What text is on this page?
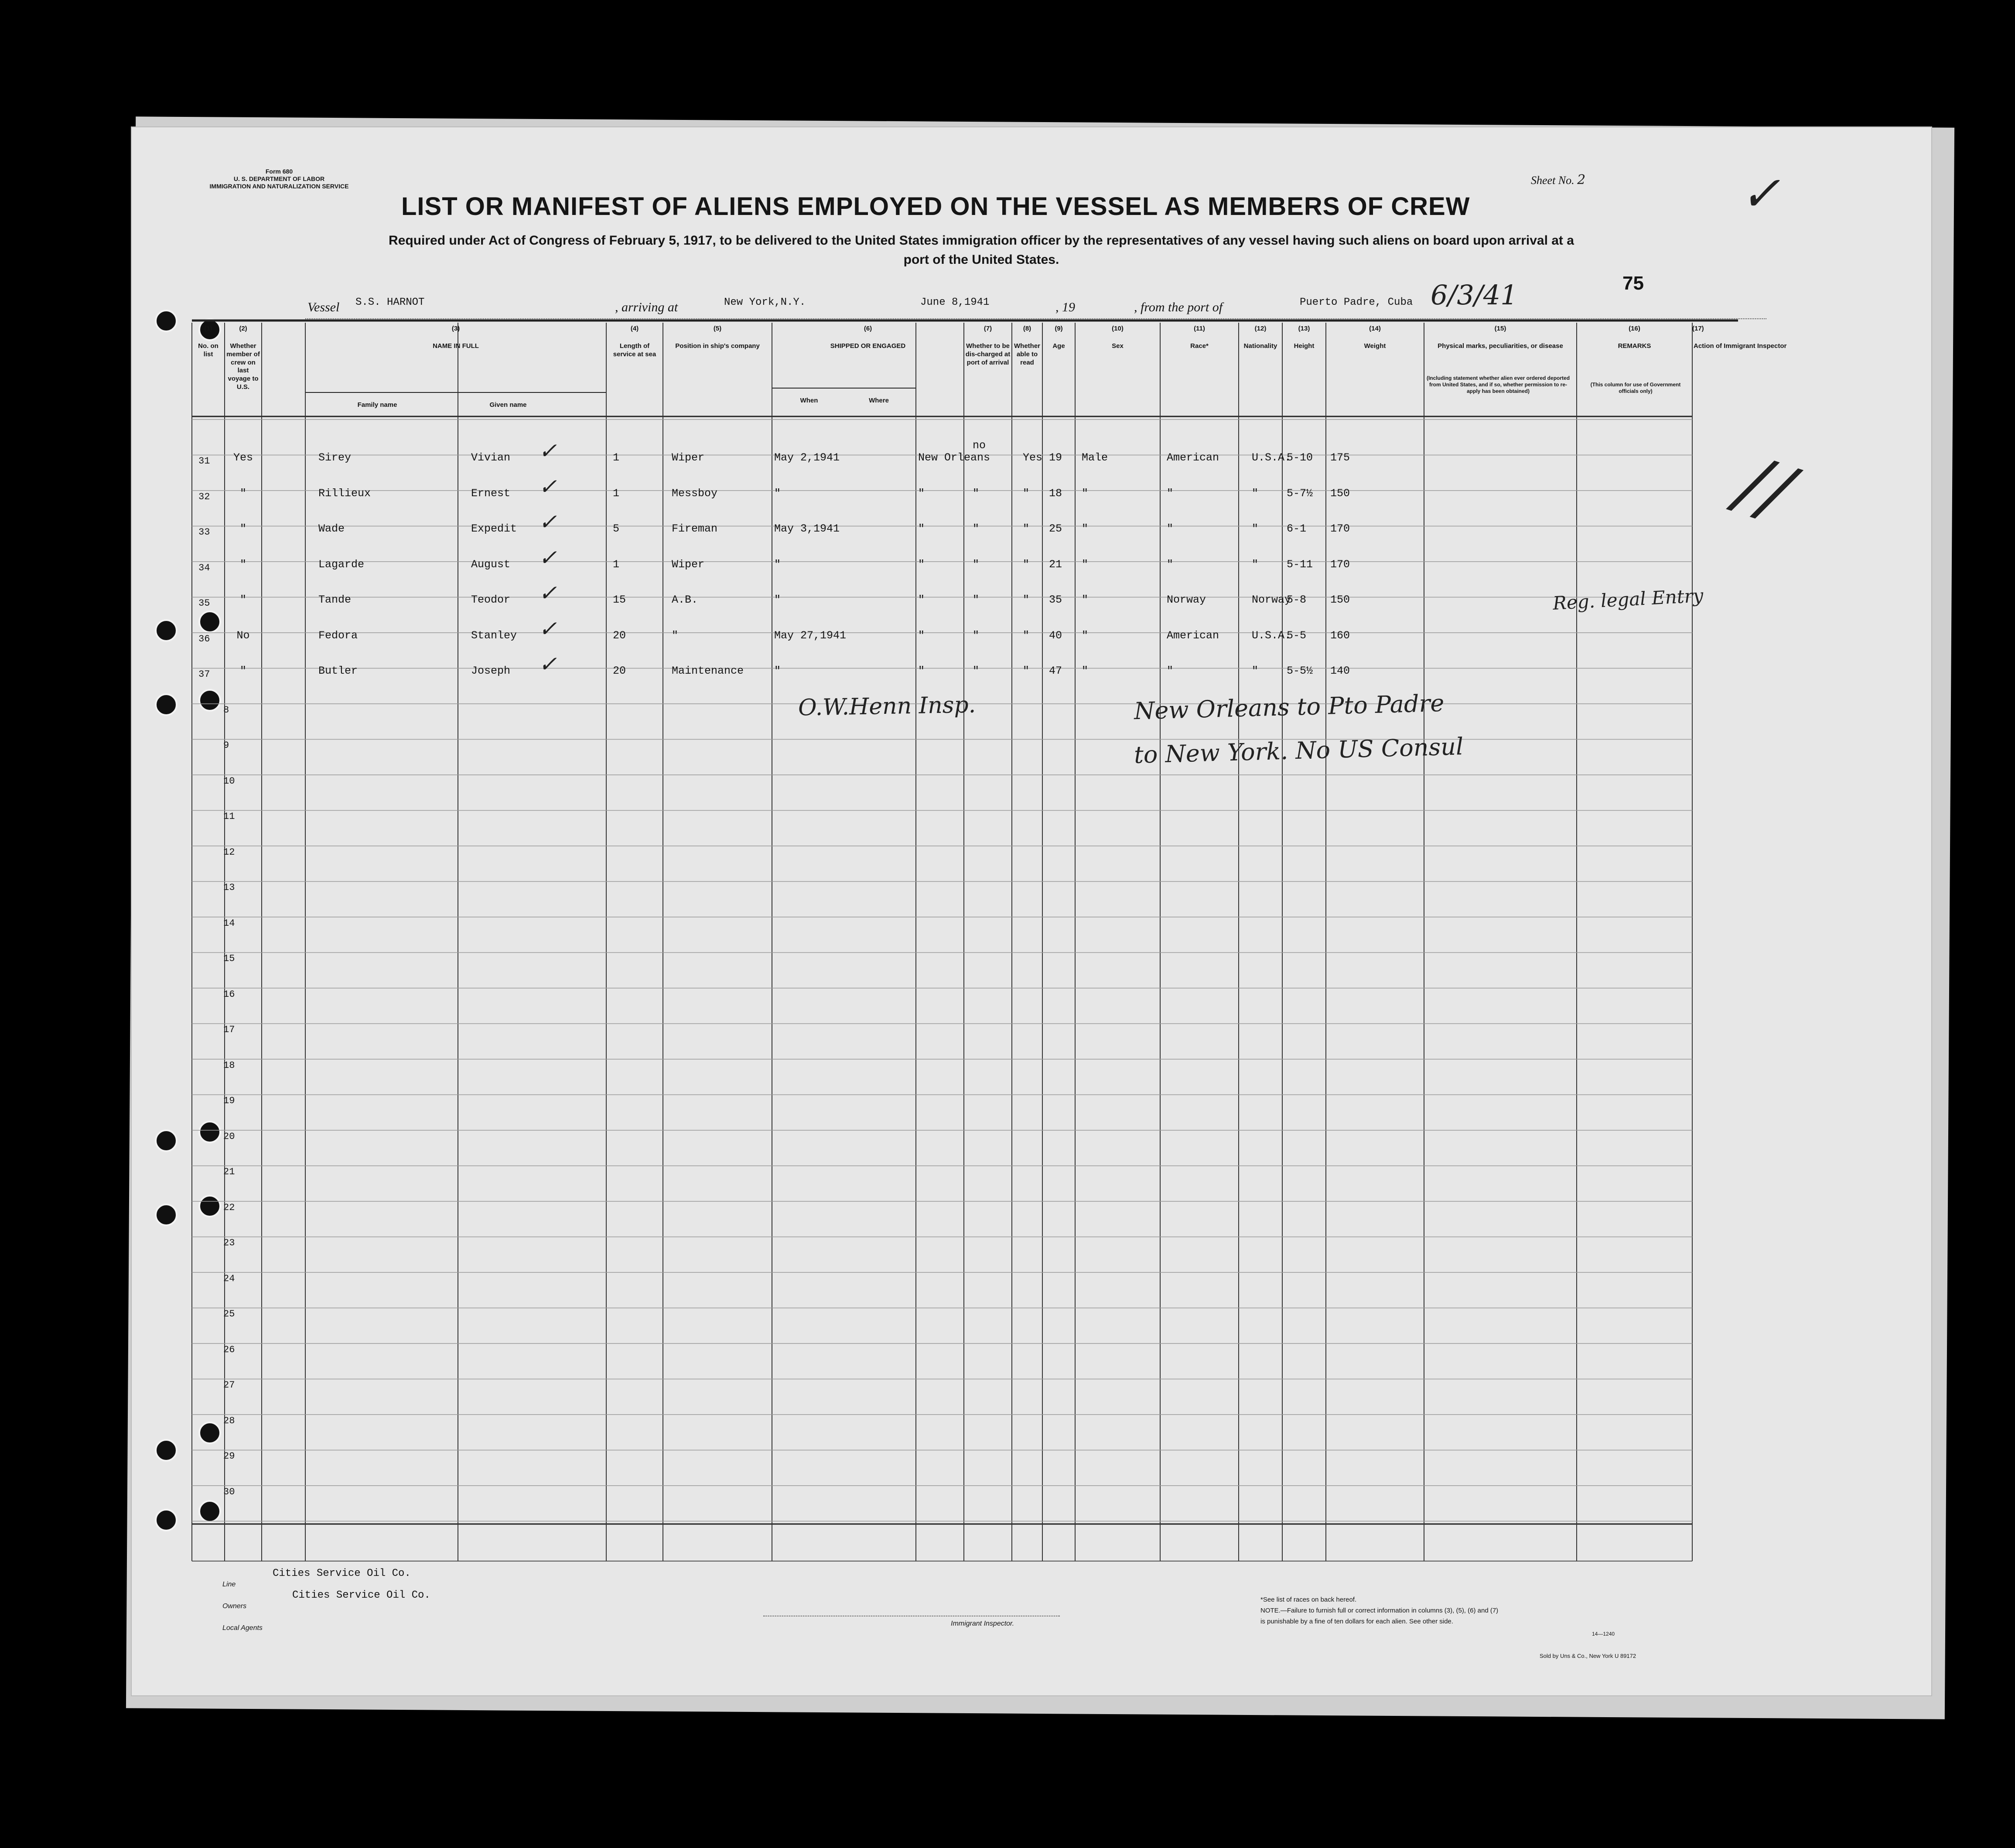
Form 680
U. S. DEPARTMENT OF LABOR
IMMIGRATION AND NATURALIZATION SERVICE	Sheet No. 2	✓
LIST OR MANIFEST OF ALIENS EMPLOYED ON THE VESSEL AS MEMBERS OF CREW
Required under Act of Congress of February 5, 1917, to be delivered to the United States immigration officer by the representatives of any vessel having such aliens on board upon arrival at a
port of the United States.
Vessel S.S. HARNOT	, arriving at	New York,N.Y.	June 8,1941	, 19	, from the port of	Puerto Padre, Cuba 6/3/41	75
(1)
No. on list
(2)
Whether member of crew on last voyage to U.S.
(3)
NAME IN FULL
(4)
Length of service at sea
(5)
Position in ship's company
(6)
SHIPPED OR ENGAGED
(7)
Whether to be dis-charged at port of arrival
(8)
Whether able to read
(9)
Age
(10)
Sex
(11)
Race*
(12)
Nationality
(13)
Height
(14)
Weight
(15)
Physical marks, peculiarities, or disease
(16)
REMARKS	Action of Immigrant Inspector
Family name	Given name
When	Where
(Including statement whether alien ever ordered deported from United States, and if so, whether permission to re-apply has been obtained)
(This column for use of Government officials only)
31	Yes	Sirey	Vivian	1	Wiper	May 2,1941	New Orleans
no
Yes 19 Male	American	U.S.A.
5-10 175
✓
32	"	Rillieux	Ernest	1	Messboy	"	"	"	" 18 "	"	"	5-7½ 150
✓
33	"	Wade	Expedit	5	Fireman	May 3,1941	"	"	" 25 "	"	"	6-1 170
✓
34	"	Lagarde	August	1	Wiper	"	"	"	" 21 "	"	"	5-11 170
✓
35	"	Tande	Teodor	15	A.B.	"	"	"	" 35 "	Norway	Norway
5-8 150
✓
36	No	Fedora	Stanley	20	"	May 27,1941	"	"	" 40 "	American	U.S.A.
5-5 160
✓
37	"	Butler	Joseph	20	Maintenance	"	"	"	" 47 "	"	"	5-5½ 140
✓
8
9
10
11
12
13
14
15
16
17
18
19
20
21
22
23
24
25
26
27
28
29
30
O.W.Henn Insp.	New Orleans to Pto Padre
to New York. No US Consul
Reg. legal Entry
//
Line
Cities Service Oil Co.
Owners
Cities Service Oil Co.
Local Agents
Immigrant Inspector.
*See list of races on back hereof.
NOTE.—Failure to furnish full or correct information in columns (3), (5), (6) and (7)
is punishable by a fine of ten dollars for each alien. See other side.
14—1240
Sold by Uns & Co., New York U 89172
